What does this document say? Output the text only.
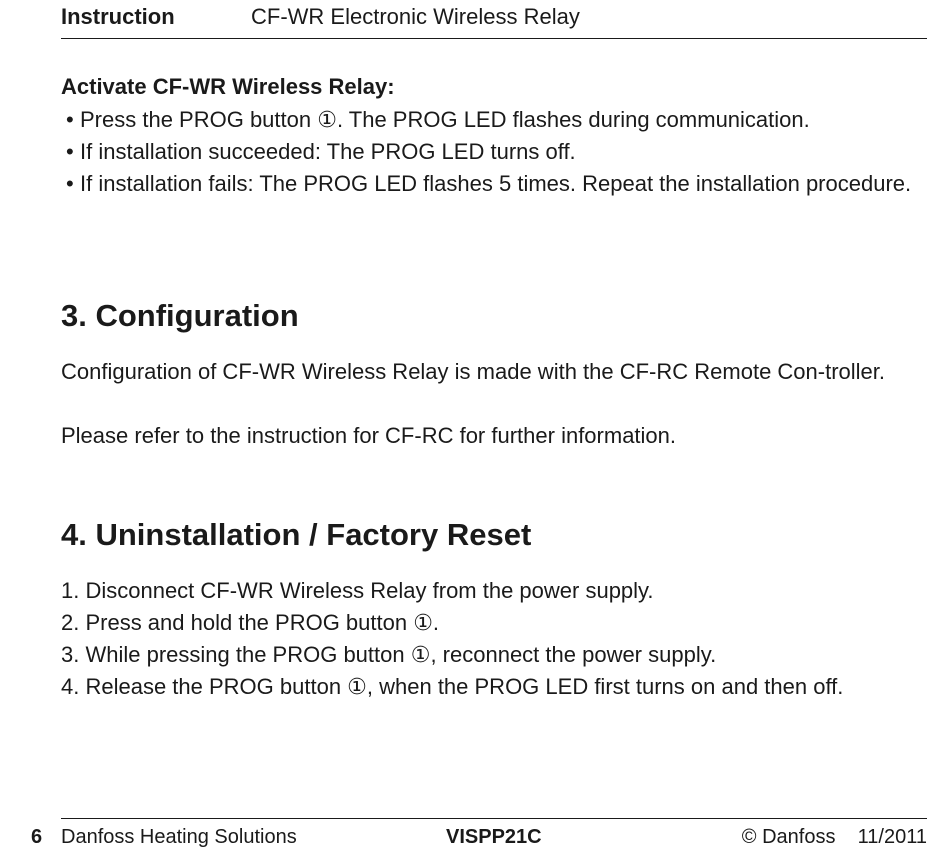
Instruction	CF-WR Electronic Wireless Relay
Activate CF-WR Wireless Relay:
• Press the PROG button ①. The PROG LED flashes during communication.
• If installation succeeded: The PROG LED turns off.
• If installation fails: The PROG LED flashes 5 times. Repeat the installation procedure.
3. Configuration

Configuration of CF-WR Wireless Relay is made with the CF-RC Remote Con-troller.

Please refer to the instruction for CF-RC for further information.

4. Uninstallation / Factory Reset
1. Disconnect CF-WR Wireless Relay from the power supply.
2. Press and hold the PROG button ①.
3. While pressing the PROG button ①, reconnect the power supply.
4. Release the PROG button ①, when the PROG LED first turns on and then off.
6 Danfoss Heating Solutions	VISPP21C	© Danfoss    11/2011
